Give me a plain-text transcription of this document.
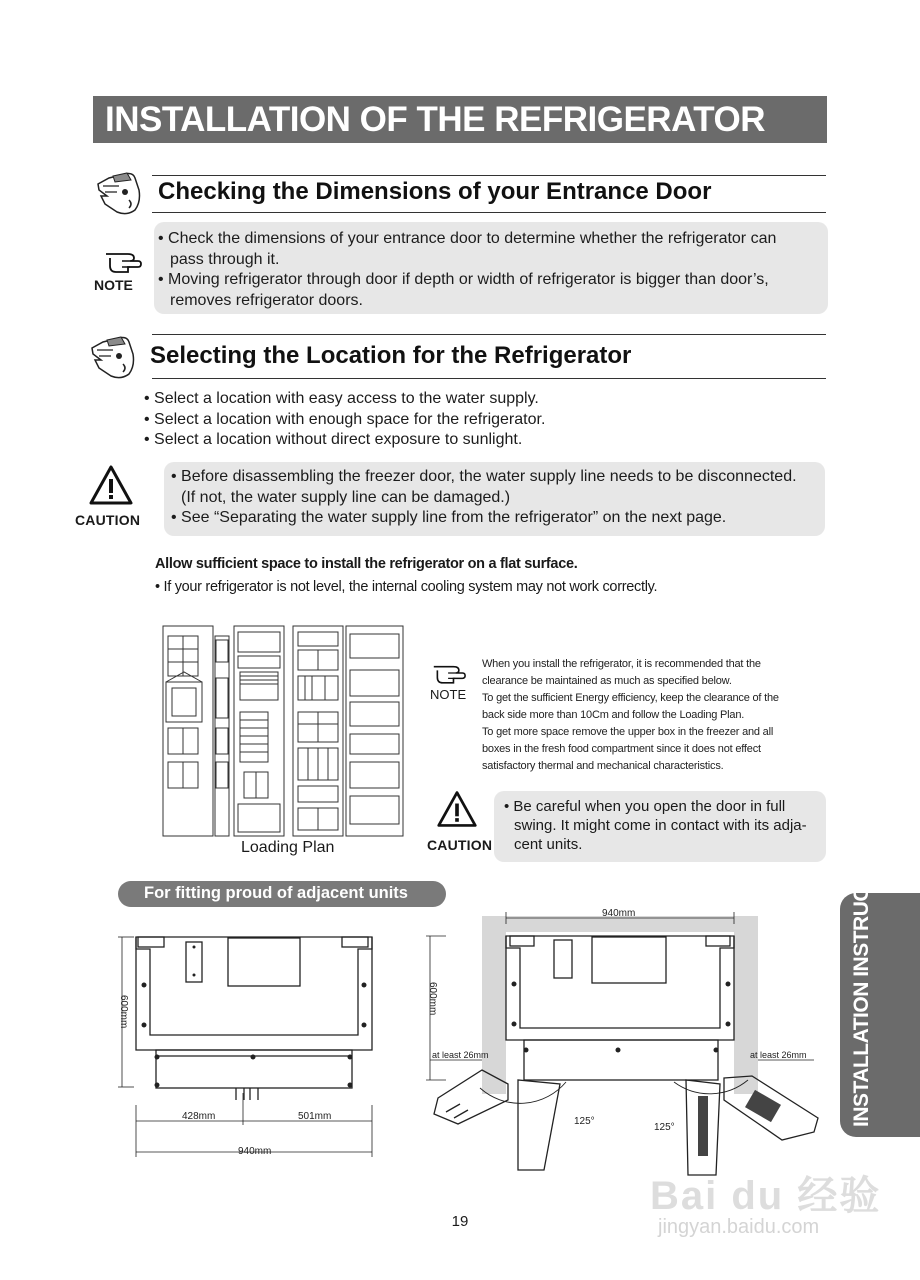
INSTALLATION OF THE REFRIGERATOR
Checking the Dimensions of your Entrance Door
NOTE
• Check the dimensions of your entrance door to determine whether the refrigerator can
pass through it.
• Moving refrigerator through door if depth or width of refrigerator is bigger than door’s,
removes refrigerator doors.
Selecting the Location for the Refrigerator
• Select a location with easy access to the water supply.
• Select a location with enough space for the refrigerator.
• Select a location without direct exposure to sunlight.
CAUTION
• Before disassembling the freezer door, the water supply line needs to be disconnected.
(If not, the water supply line can be damaged.)
• See “Separating the water supply line from the refrigerator” on the next page.
Allow sufficient space to install the refrigerator on a flat surface.
• If your refrigerator is not level, the internal cooling system may not work correctly.
Loading Plan
NOTE
When you install the refrigerator, it is recommended that the
clearance be maintained as much as specified below.
To get the sufficient Energy efficiency, keep the clearance of the
back side more than 10Cm and follow the Loading Plan.
To get more space remove the upper box in the freezer and all
boxes in the fresh food compartment since it does not effect
satisfactory thermal and mechanical characteristics.
CAUTION
• Be careful when you open the door in full
swing. It might come in contact with its adja-
cent units.	INSTALLATION INSTRUCTIONS
For fitting proud of adjacent units
600mm
428mm	501mm
940mm
940mm
600mm
at least 26mm	at least 26mm
125°
125°
19
Bai du 经验
jingyan.baidu.com
